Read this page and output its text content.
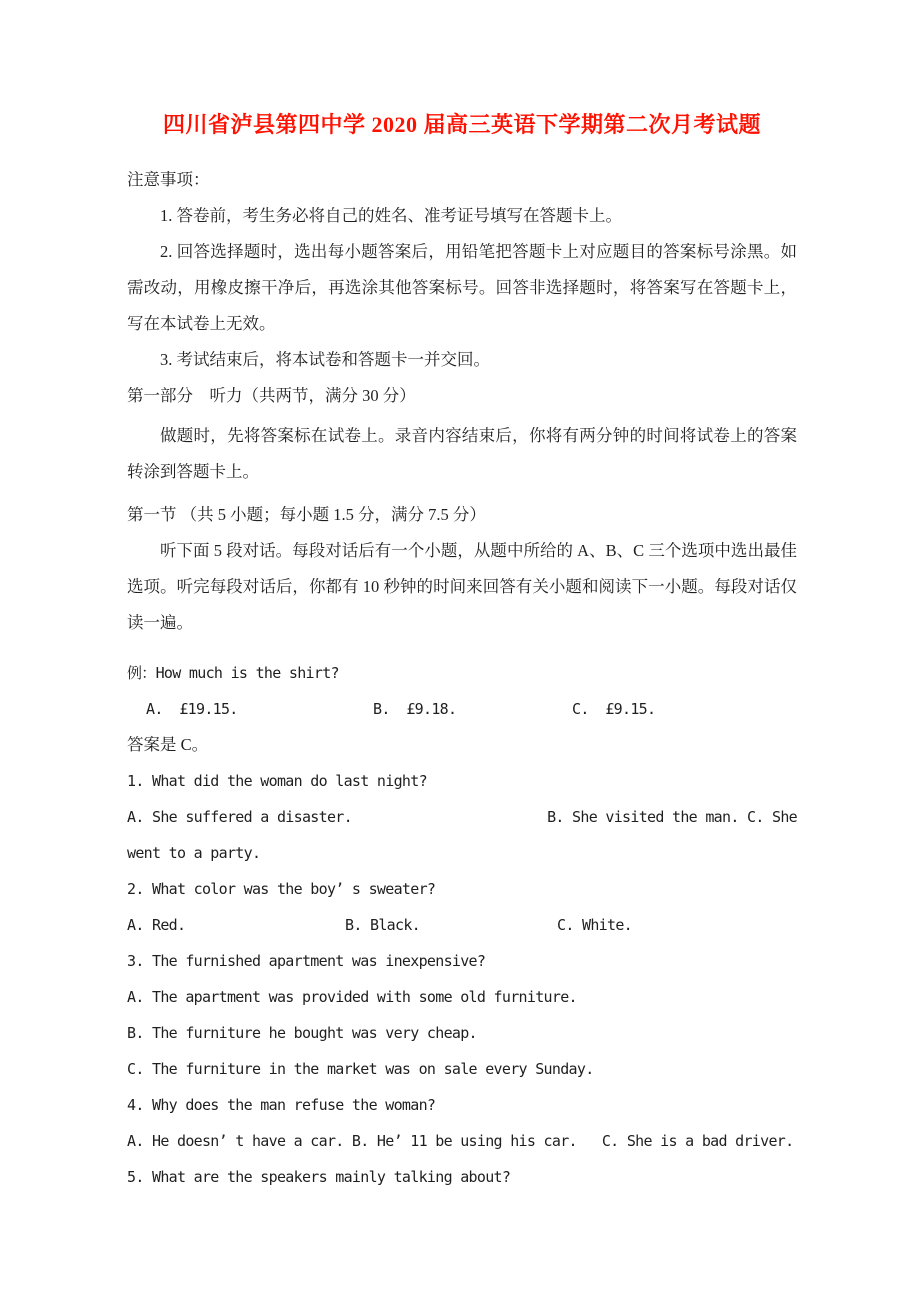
四川省泸县第四中学 2020 届高三英语下学期第二次月考试题

注意事项：

1. 答卷前，考生务必将自己的姓名、准考证号填写在答题卡上。

2. 回答选择题时，选出每小题答案后，用铅笔把答题卡上对应题目的答案标号涂黑。如需改动，用橡皮擦干净后，再选涂其他答案标号。回答非选择题时，将答案写在答题卡上，写在本试卷上无效。

3. 考试结束后，将本试卷和答题卡一并交回。

第一部分　听力（共两节，满分 30 分）

做题时，先将答案标在试卷上。录音内容结束后，你将有两分钟的时间将试卷上的答案转涂到答题卡上。

第一节 （共 5 小题；每小题 1.5 分，满分 7.5 分）

听下面 5 段对话。每段对话后有一个小题，从题中所给的 A、B、C 三个选项中选出最佳选项。听完每段对话后，你都有 10 秒钟的时间来回答有关小题和阅读下一小题。每段对话仅读一遍。

例：How much is the shirt?

A.  £19.15.	B.  £9.18.	C.  £9.15.

答案是 C。

1. What did the woman do last night?

A. She suffered a disaster.	B. She visited the man. C. She

went to a party.

2. What color was the boy’ s sweater?

A. Red.	B. Black.	C. White.

3. The furnished apartment was inexpensive?

A. The apartment was provided with some old furniture.

B. The furniture he bought was very cheap.

C. The furniture in the market was on sale every Sunday.

4. Why does the man refuse the woman?

A. He doesn’ t have a car. B. He’ 11 be using his car.   C. She is a bad driver.

5. What are the speakers mainly talking about?
